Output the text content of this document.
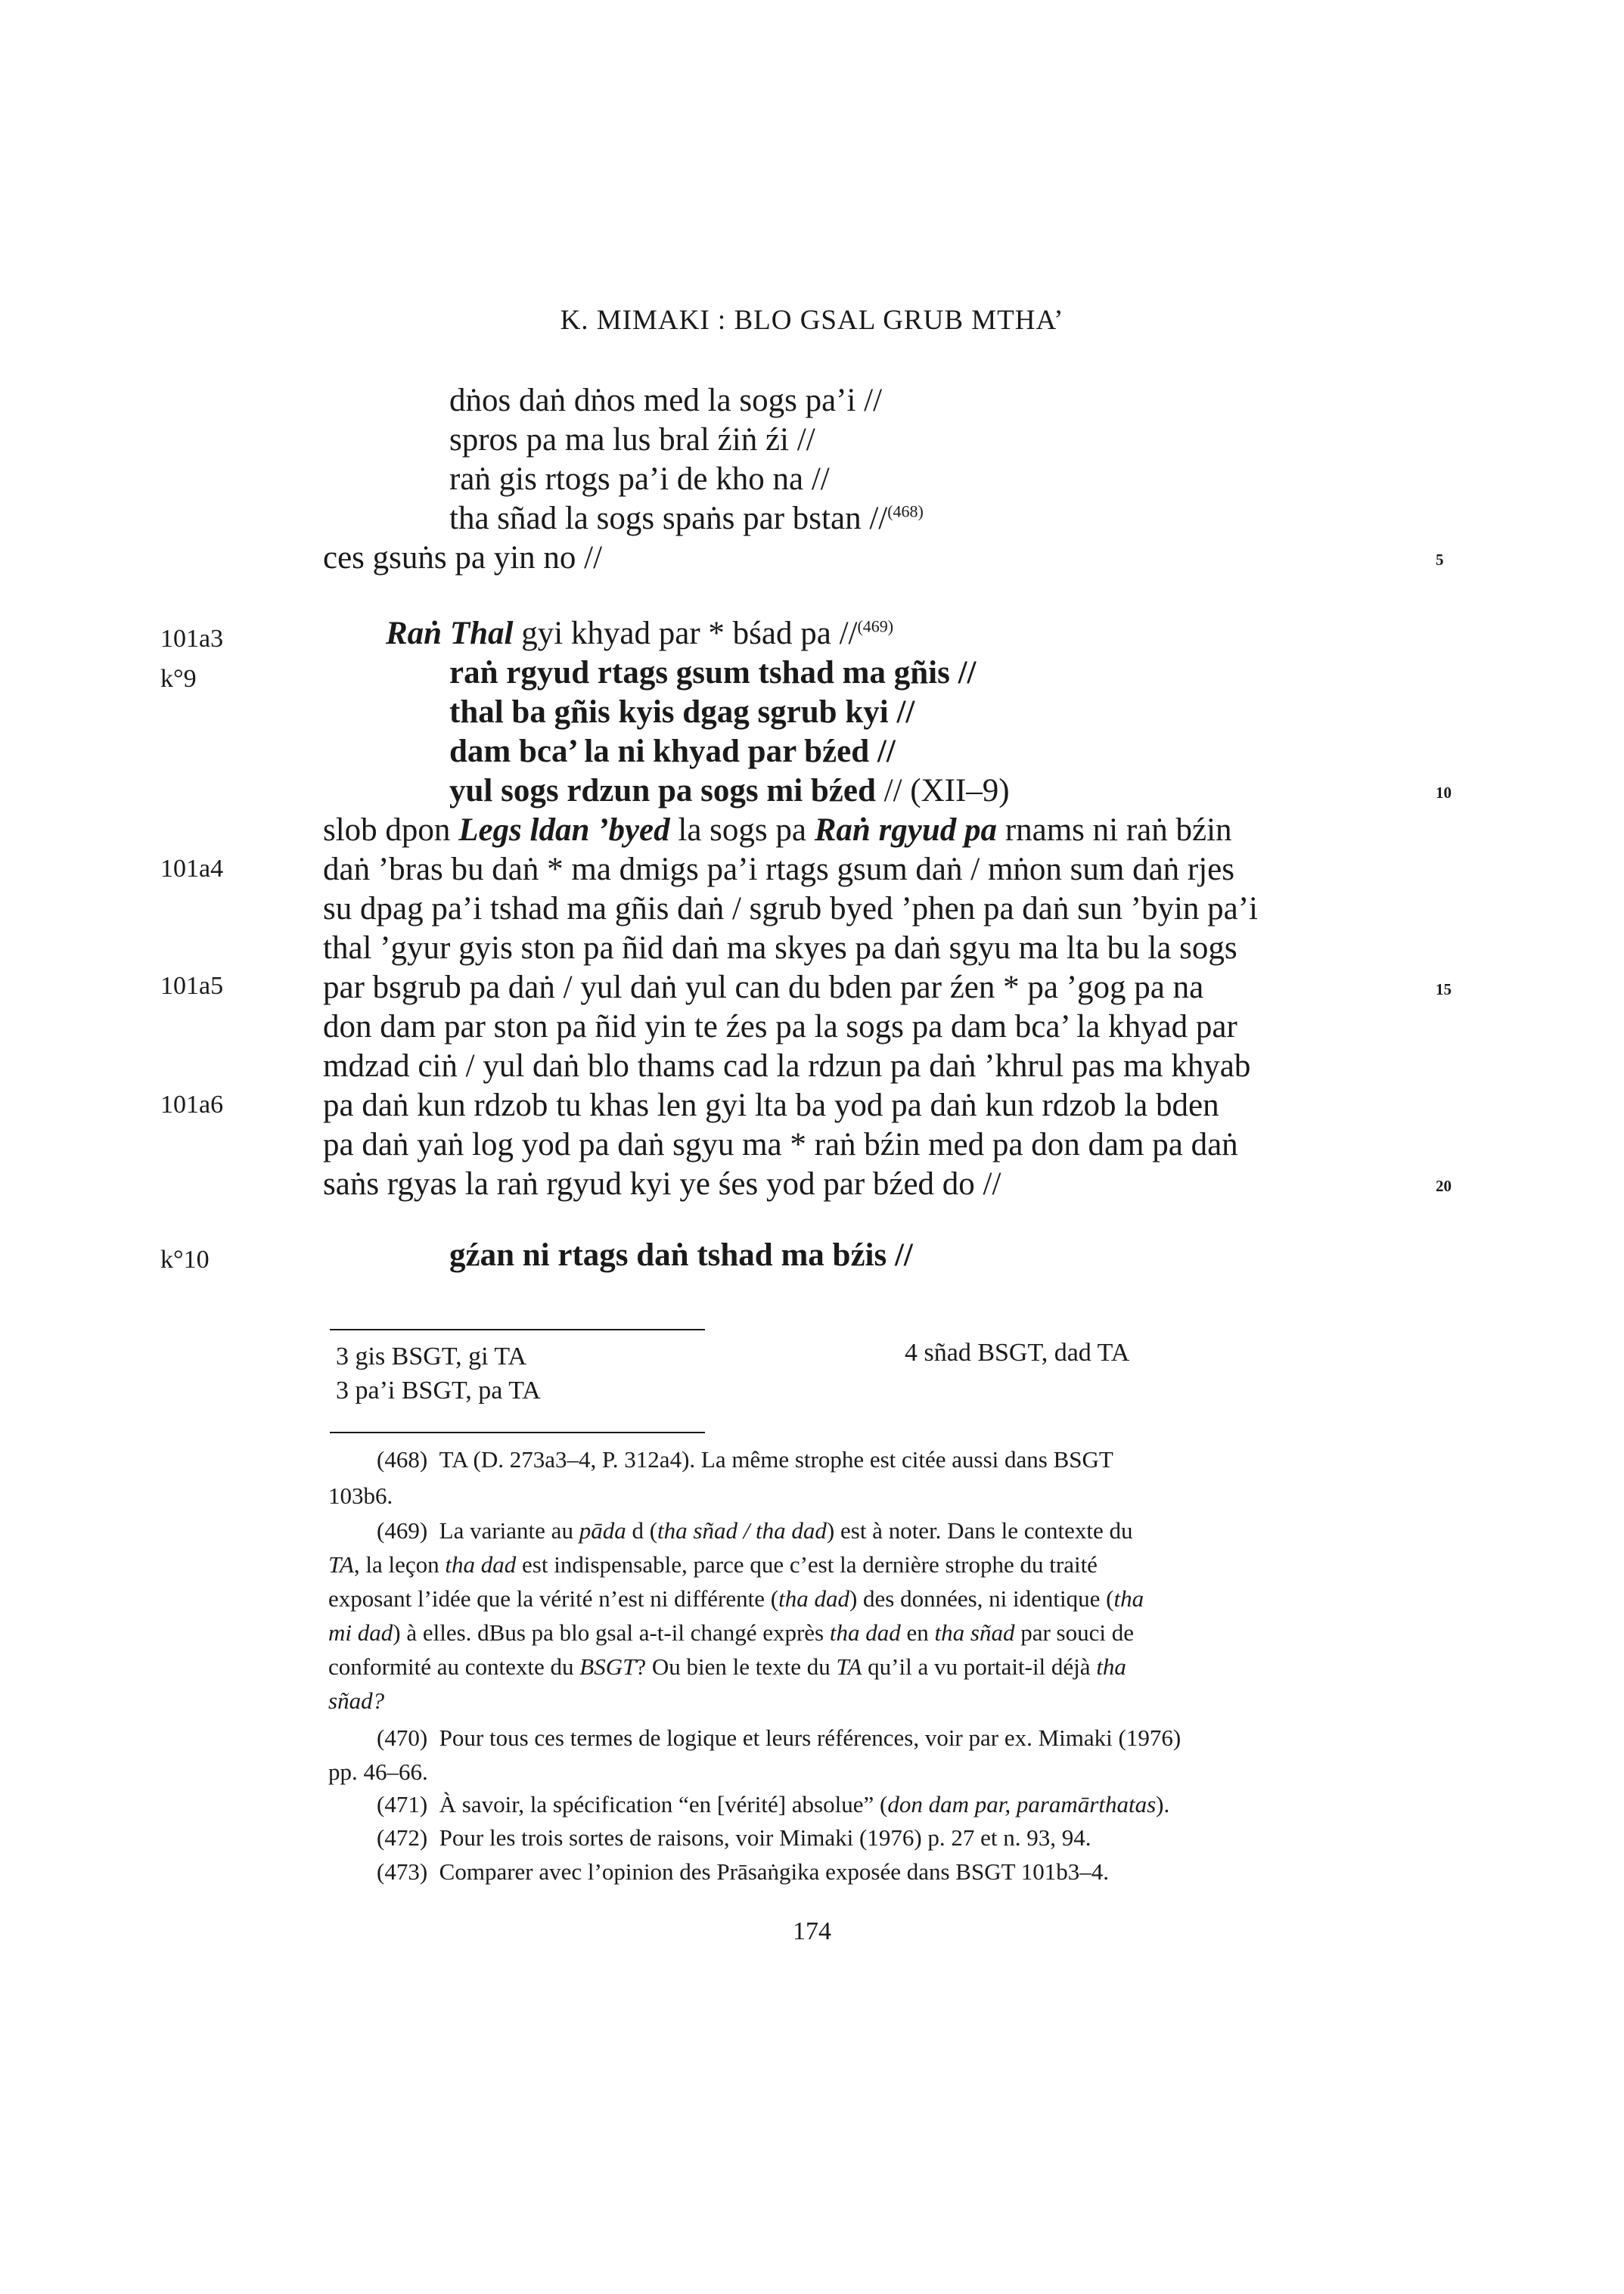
K. MIMAKI : BLO GSAL GRUB MTHA’
dṅos daṅ dṅos med la sogs pa’i //
spros pa ma lus bral źiṅ źi //
raṅ gis rtogs pa’i de kho na //
tha sñad la sogs spaṅs par bstan //$^{(468)}$
ces gsuṅs pa yin no //	5
101a3
k°9
101a4
101a5
101a6
k°10
Raṅ Thal gyi khyad par * bśad pa //$^{(469)}$
raṅ rgyud rtags gsum tshad ma gñis //
thal ba gñis kyis dgag sgrub kyi //
dam bca’ la ni khyad par bźed //
yul sogs rdzun pa sogs mi bźed // (XII–9)	10
slob dpon Legs ldan ’byed la sogs pa Raṅ rgyud pa rnams ni raṅ bźin
daṅ ’bras bu daṅ * ma dmigs pa’i rtags gsum daṅ / mṅon sum daṅ rjes
su dpag pa’i tshad ma gñis daṅ / sgrub byed ’phen pa daṅ sun ’byin pa’i
thal ’gyur gyis ston pa ñid daṅ ma skyes pa daṅ sgyu ma lta bu la sogs
par bsgrub pa daṅ / yul daṅ yul can du bden par źen * pa ’gog pa na	15
don dam par ston pa ñid yin te źes pa la sogs pa dam bca’ la khyad par
mdzad ciṅ / yul daṅ blo thams cad la rdzun pa daṅ ’khrul pas ma khyab
pa daṅ kun rdzob tu khas len gyi lta ba yod pa daṅ kun rdzob la bden
pa daṅ yaṅ log yod pa daṅ sgyu ma * raṅ bźin med pa don dam pa daṅ
saṅs rgyas la raṅ rgyud kyi ye śes yod par bźed do //	20
gźan ni rtags daṅ tshad ma bźis //
3 gis BSGT, gi TA
3 pa’i BSGT, pa TA
4 sñad BSGT, dad TA
(468) TA (D. 273a3–4, P. 312a4). La même strophe est citée aussi dans BSGT
103b6.
(469) La variante au pāda d (tha sñad / tha dad) est à noter. Dans le contexte du
TA, la leçon tha dad est indispensable, parce que c’est la dernière strophe du traité
exposant l’idée que la vérité n’est ni différente (tha dad) des données, ni identique (tha
mi dad) à elles. dBus pa blo gsal a-t-il changé exprès tha dad en tha sñad par souci de
conformité au contexte du BSGT? Ou bien le texte du TA qu’il a vu portait-il déjà tha
sñad?
(470) Pour tous ces termes de logique et leurs références, voir par ex. Mimaki (1976)
pp. 46–66.
(471) À savoir, la spécification “en [vérité] absolue” (don dam par, paramārthatas).
(472) Pour les trois sortes de raisons, voir Mimaki (1976) p. 27 et n. 93, 94.
(473) Comparer avec l’opinion des Prāsaṅgika exposée dans BSGT 101b3–4.
174
